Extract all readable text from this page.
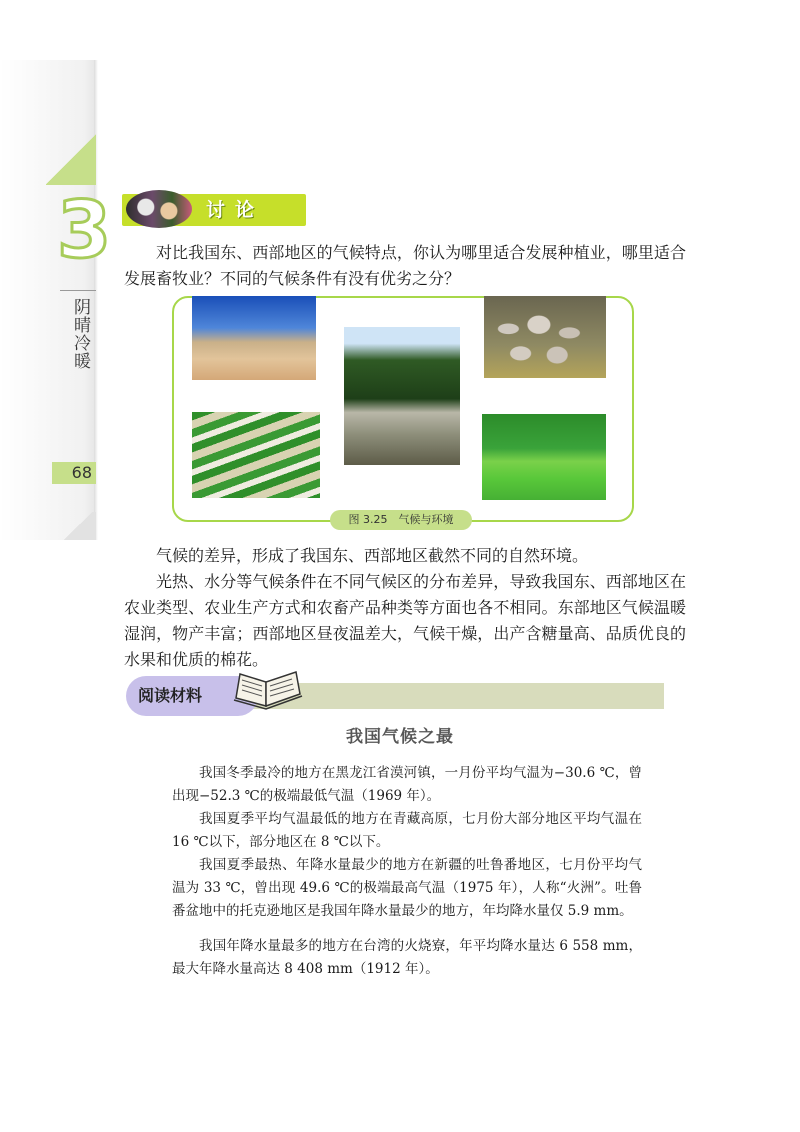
3
阴晴冷暖
68
讨论
对比我国东、西部地区的气候特点，你认为哪里适合发展种植业，哪里适合发展畜牧业？不同的气候条件有没有优劣之分？
图 3.25　气候与环境
气候的差异，形成了我国东、西部地区截然不同的自然环境。
光热、水分等气候条件在不同气候区的分布差异，导致我国东、西部地区在农业类型、农业生产方式和农畜产品种类等方面也各不相同。东部地区气候温暖湿润，物产丰富；西部地区昼夜温差大，气候干燥，出产含糖量高、品质优良的水果和优质的棉花。
阅读材料
我国气候之最
我国冬季最冷的地方在黑龙江省漠河镇，一月份平均气温为−30.6 ℃，曾出现−52.3 ℃的极端最低气温（1969 年）。
我国夏季平均气温最低的地方在青藏高原，七月份大部分地区平均气温在 16 ℃以下，部分地区在 8 ℃以下。
我国夏季最热、年降水量最少的地方在新疆的吐鲁番地区，七月份平均气温为 33 ℃，曾出现 49.6 ℃的极端最高气温（1975 年），人称“火洲”。吐鲁番盆地中的托克逊地区是我国年降水量最少的地方，年均降水量仅 5.9 mm。
我国年降水量最多的地方在台湾的火烧寮，年平均降水量达 6 558 mm，最大年降水量高达 8 408 mm（1912 年）。
